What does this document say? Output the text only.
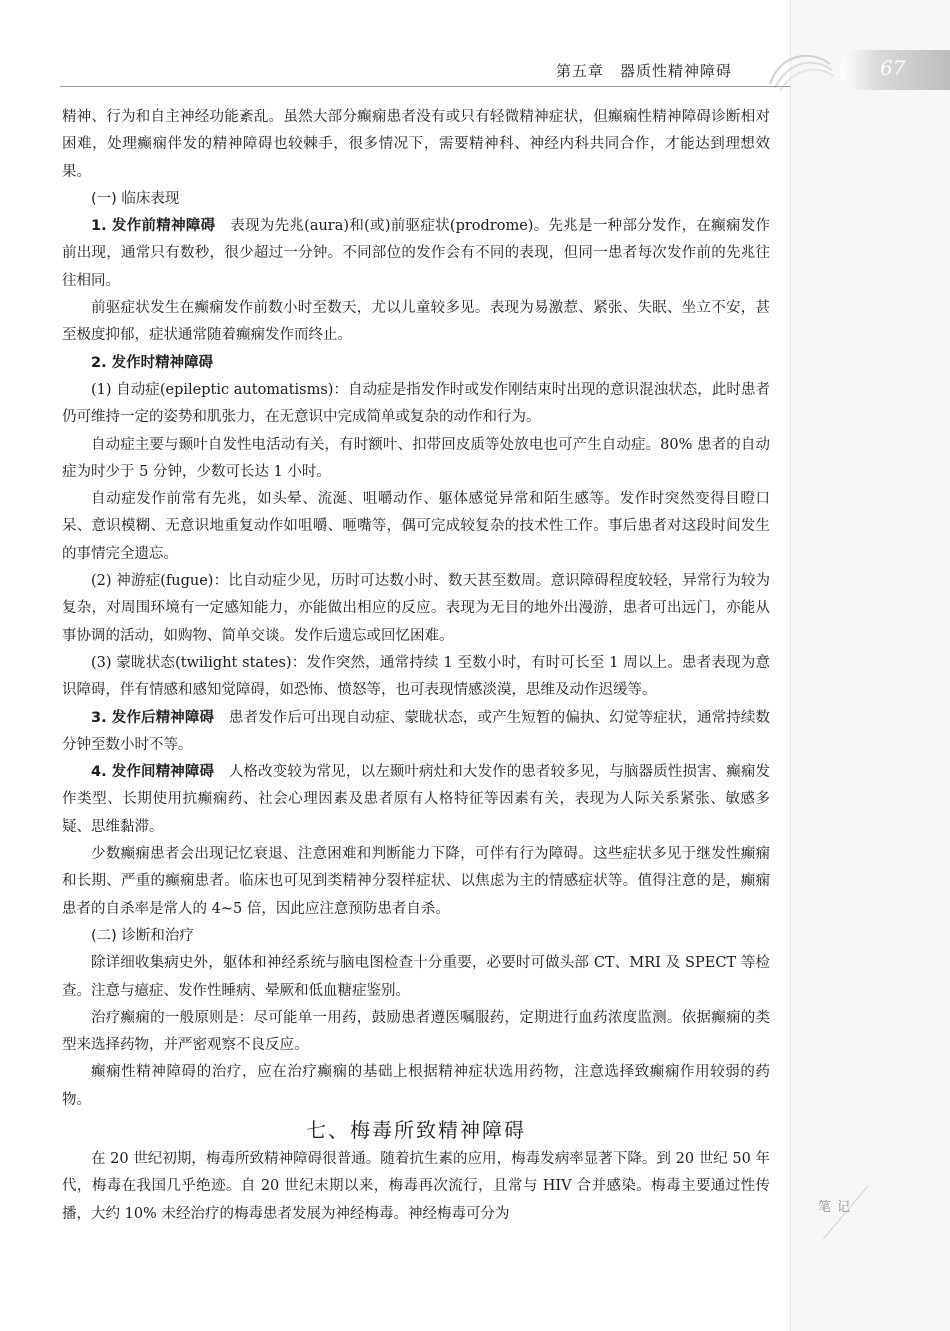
67
第五章　器质性精神障碍

精神、行为和自主神经功能紊乱。虽然大部分癫痫患者没有或只有轻微精神症状，但癫痫性精神障碍诊断相对困难，处理癫痫伴发的精神障碍也较棘手，很多情况下，需要精神科、神经内科共同合作，才能达到理想效果。

(一) 临床表现

1. 发作前精神障碍　 表现为先兆(aura)和(或)前驱症状(prodrome)。先兆是一种部分发作，在癫痫发作前出现，通常只有数秒，很少超过一分钟。不同部位的发作会有不同的表现，但同一患者每次发作前的先兆往往相同。

前驱症状发生在癫痫发作前数小时至数天，尤以儿童较多见。表现为易激惹、紧张、失眠、坐立不安，甚至极度抑郁，症状通常随着癫痫发作而终止。

2. 发作时精神障碍

(1) 自动症(epileptic automatisms)：自动症是指发作时或发作刚结束时出现的意识混浊状态，此时患者仍可维持一定的姿势和肌张力，在无意识中完成简单或复杂的动作和行为。

自动症主要与颞叶自发性电活动有关，有时额叶、扣带回皮质等处放电也可产生自动症。80% 患者的自动症为时少于 5 分钟，少数可长达 1 小时。

自动症发作前常有先兆，如头晕、流涎、咀嚼动作、躯体感觉异常和陌生感等。发作时突然变得目瞪口呆、意识模糊、无意识地重复动作如咀嚼、咂嘴等，偶可完成较复杂的技术性工作。事后患者对这段时间发生的事情完全遗忘。

(2) 神游症(fugue)：比自动症少见，历时可达数小时、数天甚至数周。意识障碍程度较轻，异常行为较为复杂，对周围环境有一定感知能力，亦能做出相应的反应。表现为无目的地外出漫游，患者可出远门，亦能从事协调的活动，如购物、简单交谈。发作后遗忘或回忆困难。

(3) 蒙眬状态(twilight states)：发作突然，通常持续 1 至数小时，有时可长至 1 周以上。患者表现为意识障碍，伴有情感和感知觉障碍，如恐怖、愤怒等，也可表现情感淡漠，思维及动作迟缓等。

3. 发作后精神障碍　 患者发作后可出现自动症、蒙眬状态，或产生短暂的偏执、幻觉等症状，通常持续数分钟至数小时不等。

4. 发作间精神障碍　 人格改变较为常见，以左颞叶病灶和大发作的患者较多见，与脑器质性损害、癫痫发作类型、长期使用抗癫痫药、社会心理因素及患者原有人格特征等因素有关，表现为人际关系紧张、敏感多疑、思维黏滞。

少数癫痫患者会出现记忆衰退、注意困难和判断能力下降，可伴有行为障碍。这些症状多见于继发性癫痫和长期、严重的癫痫患者。临床也可见到类精神分裂样症状、以焦虑为主的情感症状等。值得注意的是，癫痫患者的自杀率是常人的 4~5 倍，因此应注意预防患者自杀。

(二) 诊断和治疗

除详细收集病史外，躯体和神经系统与脑电图检查十分重要，必要时可做头部 CT、MRI 及 SPECT 等检查。注意与癔症、发作性睡病、晕厥和低血糖症鉴别。

治疗癫痫的一般原则是：尽可能单一用药，鼓励患者遵医嘱服药，定期进行血药浓度监测。依据癫痫的类型来选择药物，并严密观察不良反应。

癫痫性精神障碍的治疗，应在治疗癫痫的基础上根据精神症状选用药物，注意选择致癫痫作用较弱的药物。

七、梅毒所致精神障碍

在 20 世纪初期，梅毒所致精神障碍很普通。随着抗生素的应用，梅毒发病率显著下降。到 20 世纪 50 年代，梅毒在我国几乎绝迹。自 20 世纪末期以来，梅毒再次流行，且常与 HIV 合并感染。梅毒主要通过性传播，大约 10% 未经治疗的梅毒患者发展为神经梅毒。神经梅毒可分为	笔记
